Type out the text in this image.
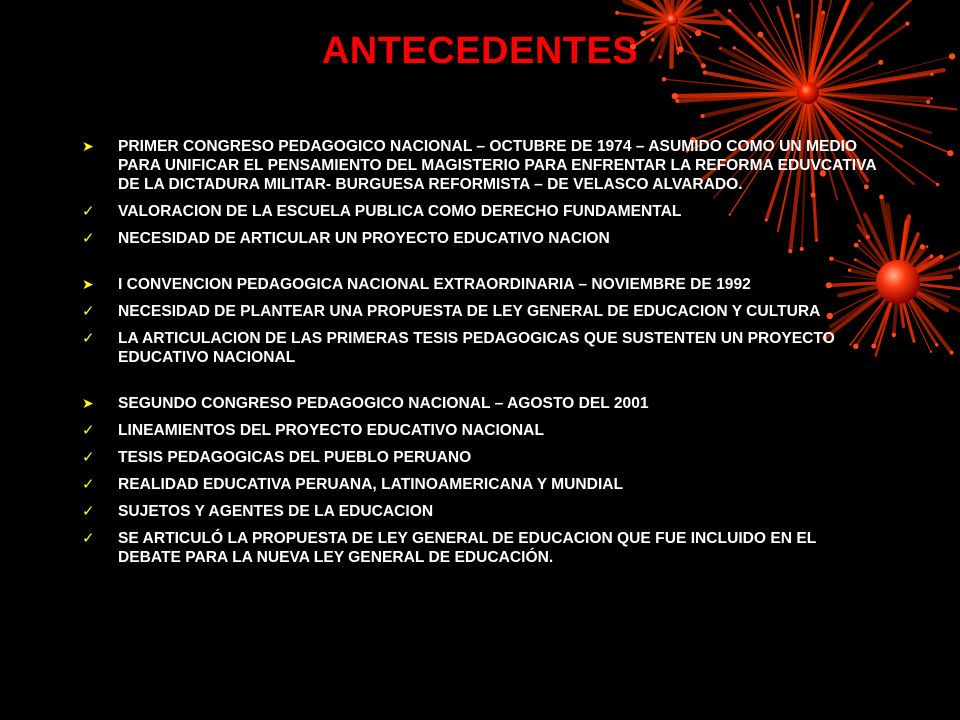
ANTECEDENTES
➤	PRIMER CONGRESO PEDAGOGICO NACIONAL – OCTUBRE DE 1974 – ASUMIDO COMO UN MEDIO PARA UNIFICAR EL PENSAMIENTO DEL MAGISTERIO PARA ENFRENTAR LA REFORMA EDUVCATIVA DE LA DICTADURA MILITAR- BURGUESA REFORMISTA – DE VELASCO ALVARADO.
✓	VALORACION DE LA ESCUELA PUBLICA COMO DERECHO FUNDAMENTAL
✓	NECESIDAD DE ARTICULAR UN PROYECTO EDUCATIVO NACION
➤	I CONVENCION PEDAGOGICA NACIONAL EXTRAORDINARIA – NOVIEMBRE DE 1992
✓	NECESIDAD DE PLANTEAR UNA PROPUESTA DE LEY GENERAL DE EDUCACION Y CULTURA
✓	LA ARTICULACION DE LAS PRIMERAS TESIS PEDAGOGICAS QUE SUSTENTEN UN PROYECTO EDUCATIVO NACIONAL
➤	SEGUNDO CONGRESO PEDAGOGICO NACIONAL – AGOSTO DEL 2001
✓	LINEAMIENTOS DEL PROYECTO EDUCATIVO NACIONAL
✓	TESIS PEDAGOGICAS DEL PUEBLO PERUANO
✓	REALIDAD EDUCATIVA PERUANA, LATINOAMERICANA Y MUNDIAL
✓	SUJETOS Y AGENTES DE LA EDUCACION
✓	SE ARTICULÓ LA PROPUESTA DE LEY GENERAL DE EDUCACION QUE FUE INCLUIDO EN EL DEBATE PARA LA NUEVA LEY GENERAL DE EDUCACIÓN.
